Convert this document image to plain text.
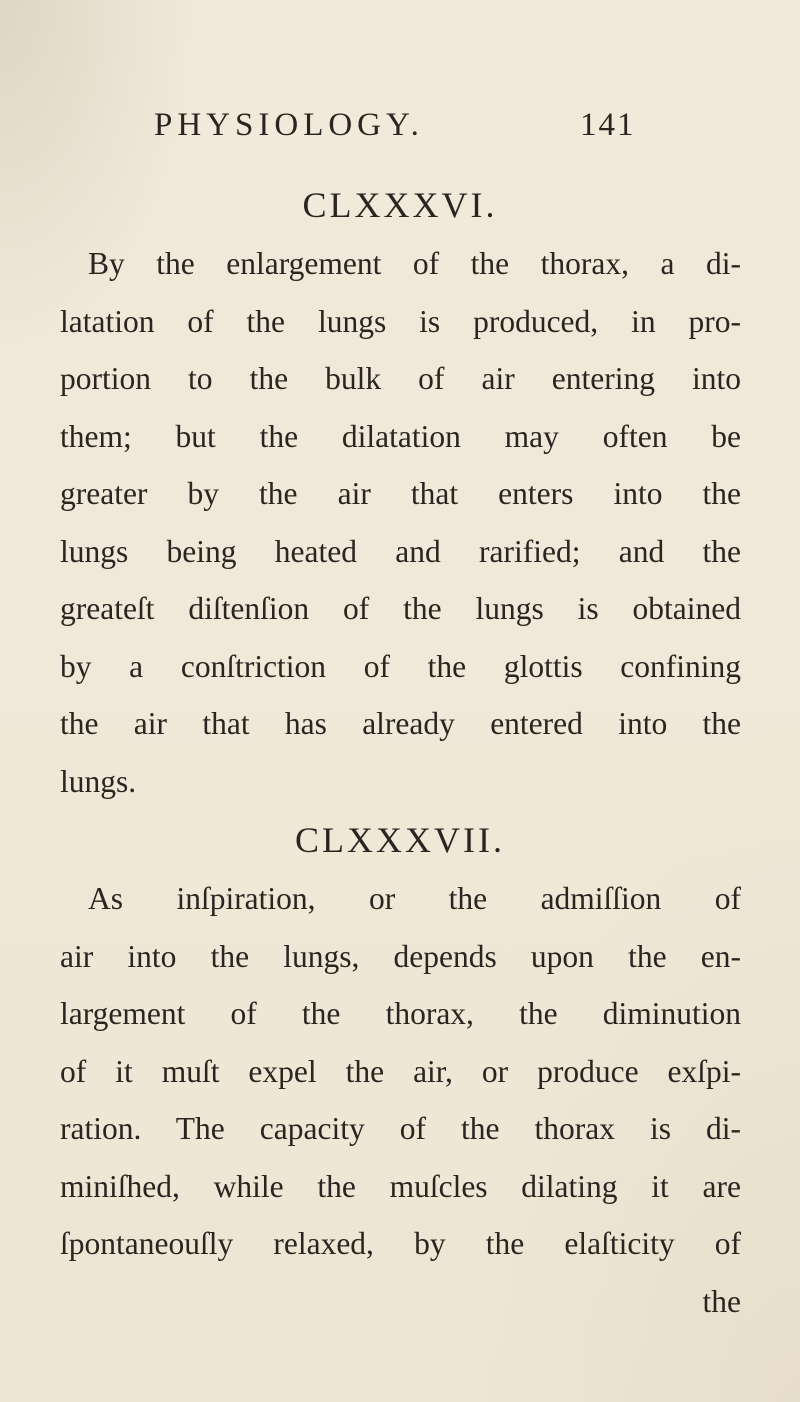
PHYSIOLOGY.	141
CLXXXVI.
By the enlargement of the thorax, a di-
latation of the lungs is produced, in pro-
portion to the bulk of air entering into
them; but the dilatation may often be
greater by the air that enters into the
lungs being heated and rarified; and the
greateſt diſtenſion of the lungs is obtained
by a conſtriction of the glottis confining
the air that has already entered into the
lungs.
CLXXXVII.
As inſpiration, or the admiſſion of
air into the lungs, depends upon the en-
largement of the thorax, the diminution
of it muſt expel the air, or produce exſpi-
ration. The capacity of the thorax is di-
miniſhed, while the muſcles dilating it are
ſpontaneouſly relaxed, by the elaſticity of
the
